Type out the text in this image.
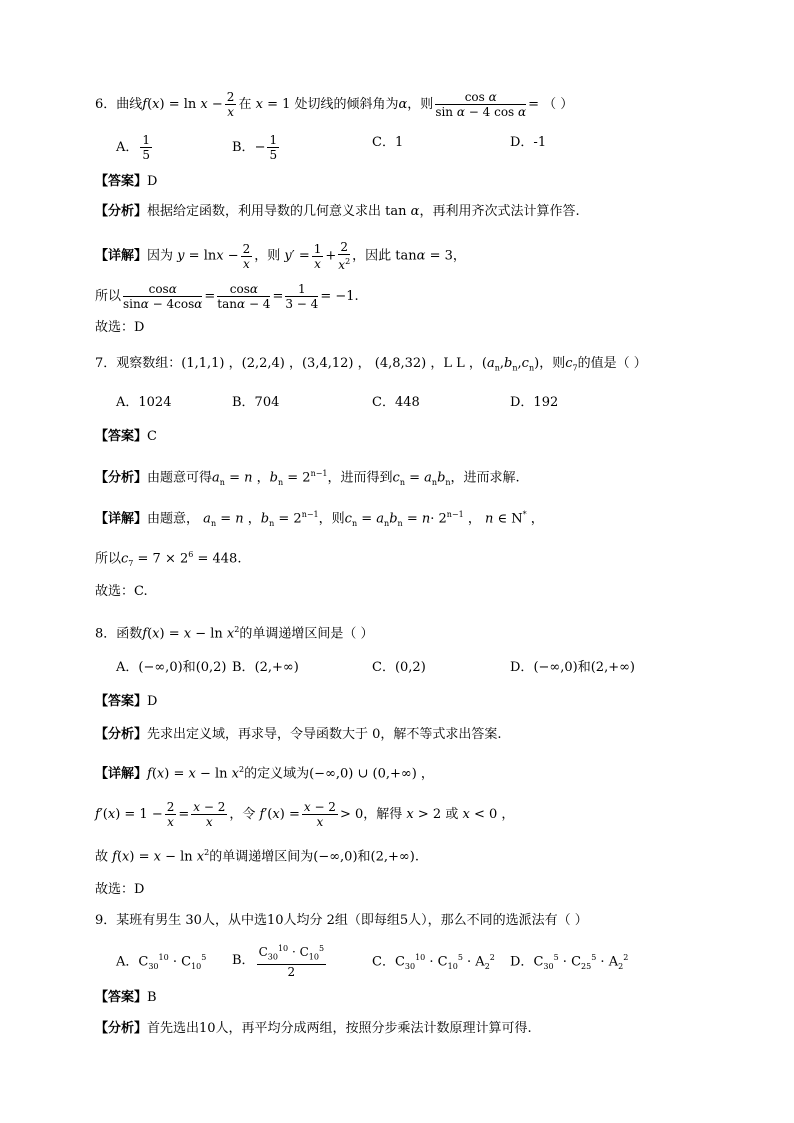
6．曲线$f(x) = \ln x - \frac{2}{x}$ 在 x = 1 处切线的倾斜角为α，则 $\frac{\text{cos α}}{\text{sin α − 4 cos α}}$ = （ ）
A． $\frac{1}{5}$	B．− $\frac{1}{5}$	C．1	D．-1
【答案】D
【分析】根据给定函数，利用导数的几何意义求出 tan α，再利用齐次式法计算作答.
【详解】因为 $y = \ln x - \frac{2}{x}$ ，则 $y' = \frac{1}{x} + \frac{2}{x^2}$ ，因此 tanα = 3，
所以 $\frac{\cos\alpha}{\sin\alpha - 4\cos\alpha} = \frac{\cos\alpha}{\tan\alpha - 4} = \frac{1}{3 - 4} = -1$.
故选：D
7．观察数组：(1,1,1) ，(2,2,4) ，(3,4,12) ， (4,8,32) ，L L ，$(a_n,b_n,c_n)$，则$c_7$的值是（ ）
A．1024	B．704	C．448	D．192
【答案】C
【分析】由题意可得$a_n = n$ ，$b_n = 2^{n-1}$，进而得到$c_n = a_nb_n$，进而求解.
【详解】由题意， $a_n = n$ ，$b_n = 2^{n-1}$，则$c_n = a_nb_n = n\cdot 2^{n-1}$ ， n ∈ N* ，
所以$c_7 = 7 \times 2^6 = 448$.
故选：C.
8．函数$f(x) = x - \ln x^2$的单调递增区间是（ ）
A．(−∞,0)和(0,2) B．(2,+∞)	C．(0,2)	D．(−∞,0)和(2,+∞)
【答案】D
【分析】先求出定义域，再求导，令导函数大于 0，解不等式求出答案.
【详解】$f(x) = x - \ln x^2$的定义域为(−∞,0) ∪ (0,+∞) ，
$f'(x) = 1 - \frac{2}{x} = \frac{x - 2}{x}$ ，令 $f'(x) = \frac{x - 2}{x} > 0$，解得 x > 2 或 x < 0 ，
故 $f(x) = x - \ln x^2$的单调递增区间为(−∞,0)和(2,+∞).
故选：D
9．某班有男生 30人，从中选10人均分 2组（即每组5人），那么不同的选派法有（ ）
A．$C_{30}^{10} \cdot C_{10}^5$ B． $\frac{C_{30}^{10} \cdot C_{10}^5}{2}$	C．$C_{30}^{10} \cdot C_{10}^5 \cdot A_2^2$ D．$C_{30}^5 \cdot C_{25}^5 \cdot A_2^2$
【答案】B
【分析】首先选出10人，再平均分成两组，按照分步乘法计数原理计算可得.
